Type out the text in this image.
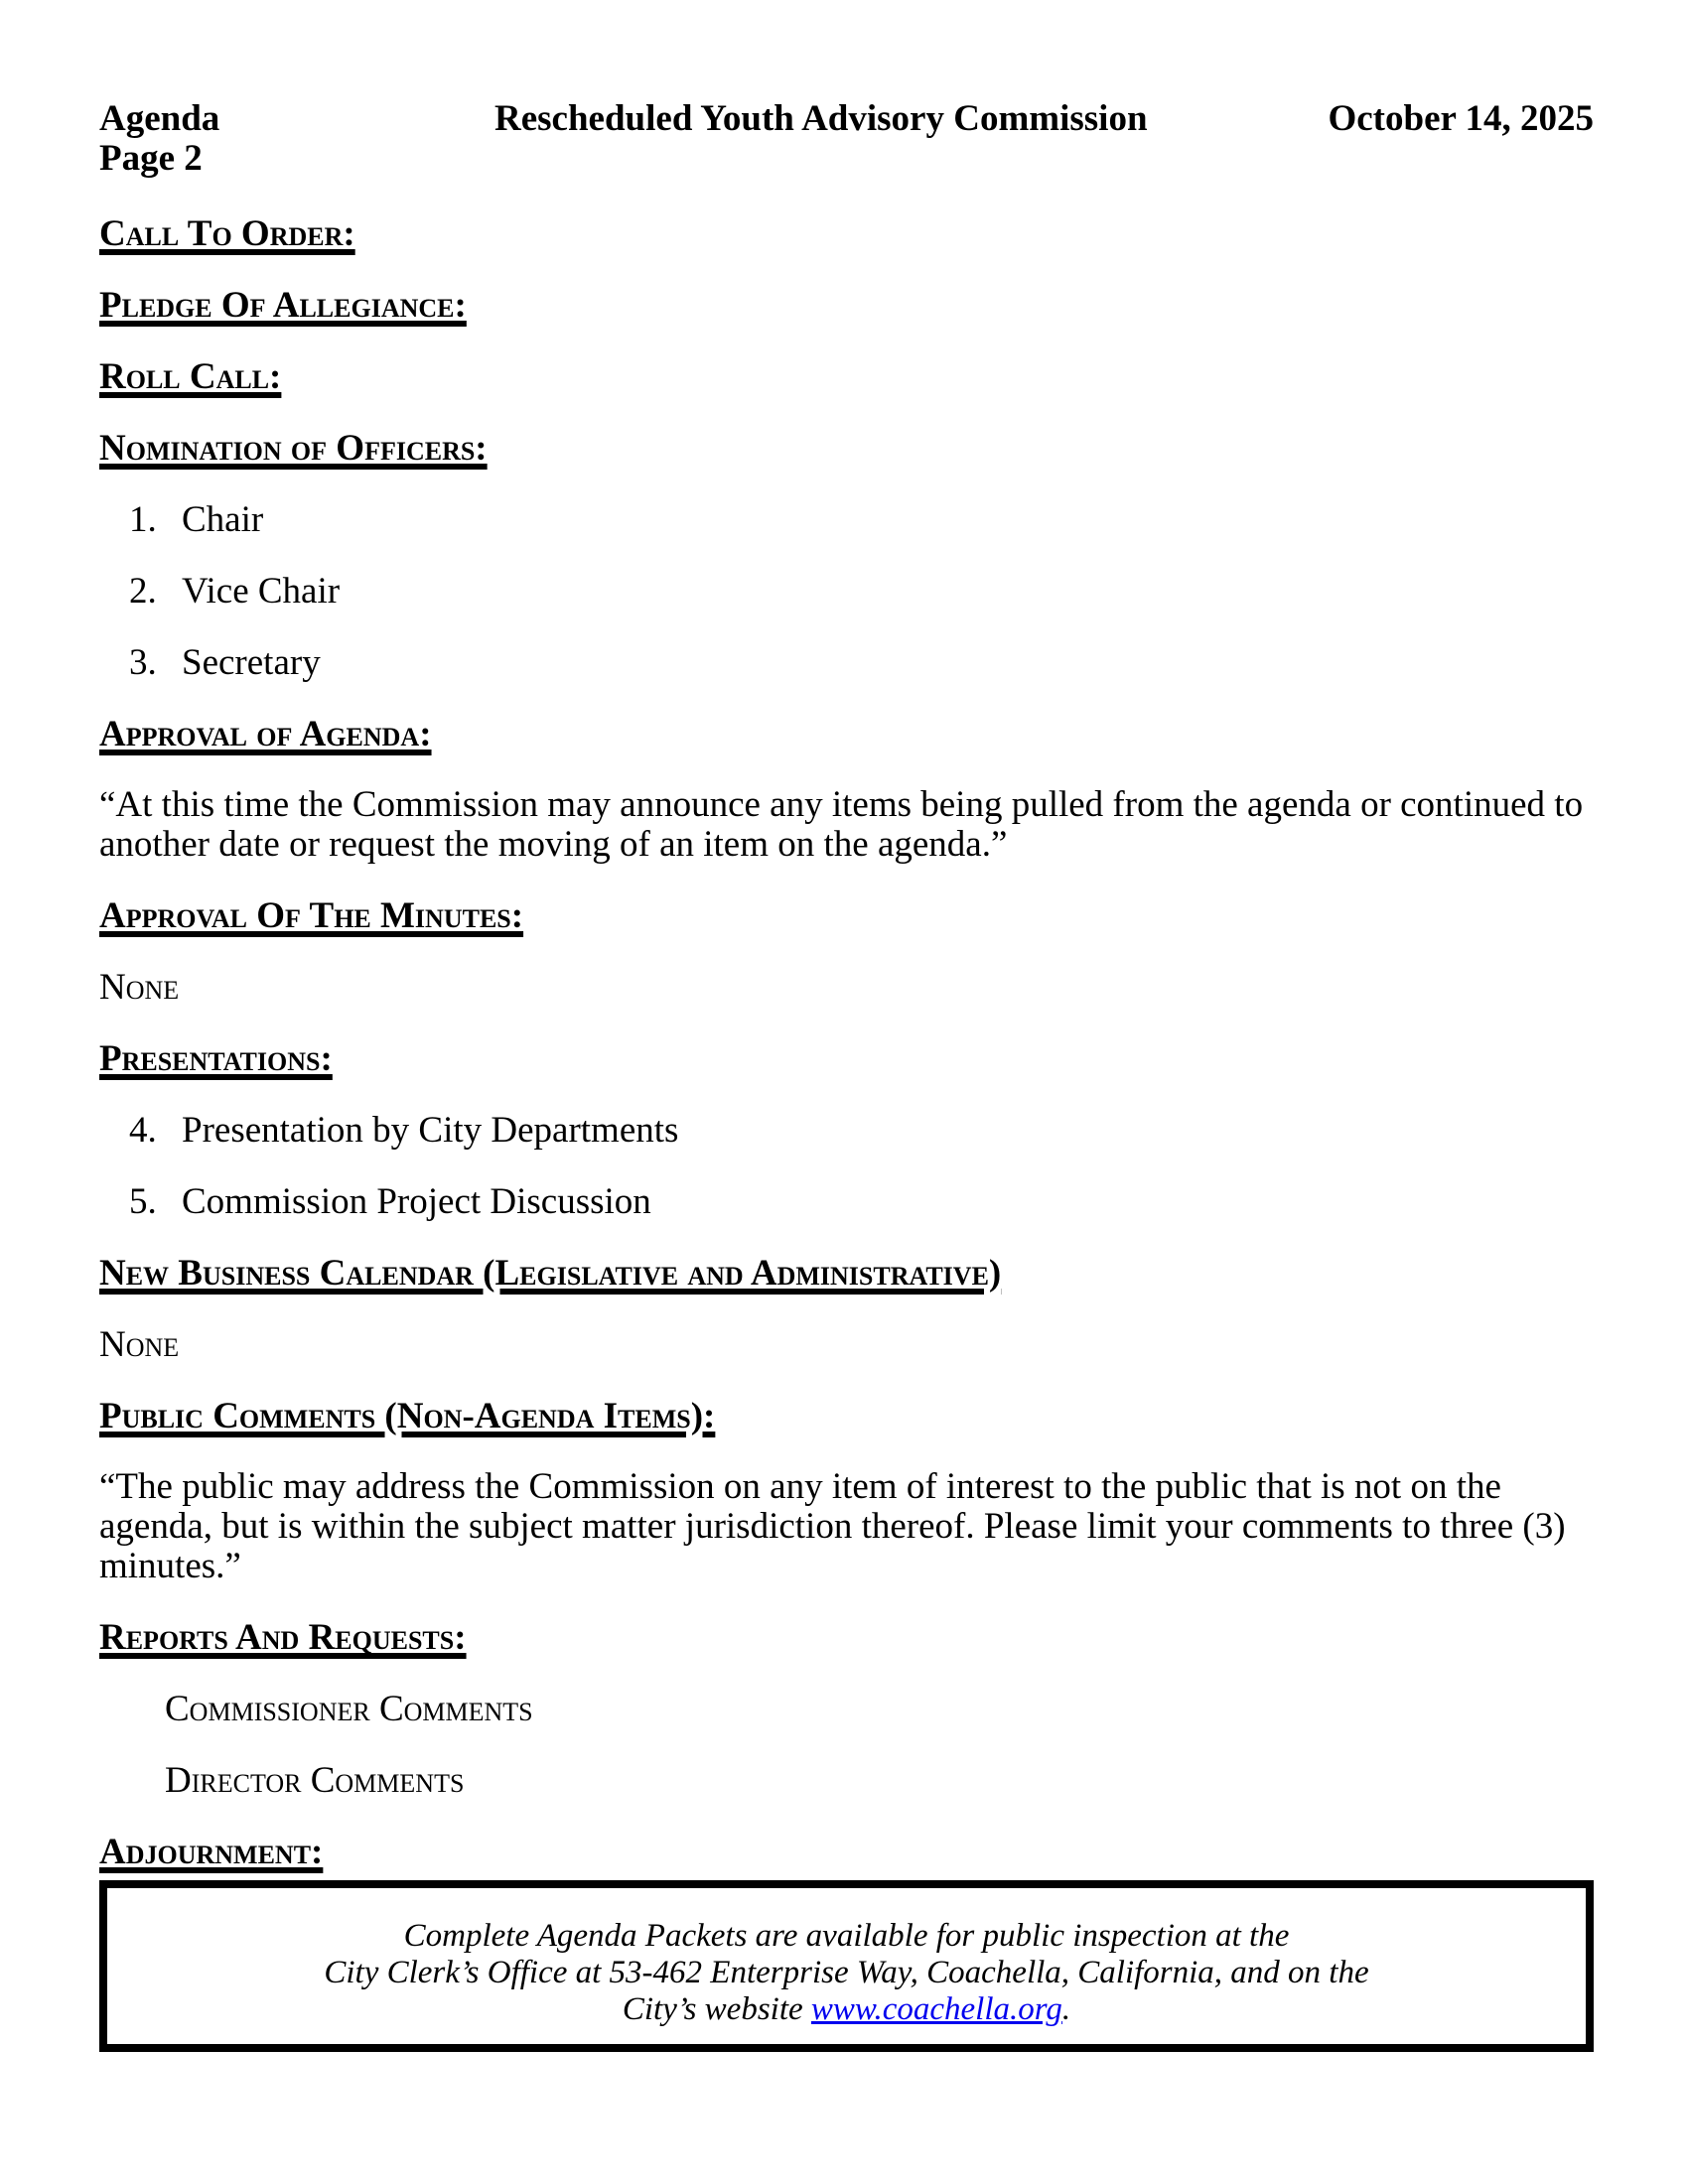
Agenda
Page 2
Rescheduled Youth Advisory Commission	October 14, 2025
Call To Order:
Pledge Of Allegiance:
Roll Call:
Nomination of Officers:
1. Chair
2. Vice Chair
3. Secretary
Approval of Agenda:
“At this time the Commission may announce any items being pulled from the agenda or continued to another date or request the moving of an item on the agenda.”
Approval Of The Minutes:
None
Presentations:
4. Presentation by City Departments
5. Commission Project Discussion
New Business Calendar (Legislative and Administrative)
None
Public Comments (Non-Agenda Items):
“The public may address the Commission on any item of interest to the public that is not on the agenda, but is within the subject matter jurisdiction thereof. Please limit your comments to three (3) minutes.”
Reports And Requests:
Commissioner Comments
Director Comments
Adjournment:
Complete Agenda Packets are available for public inspection at the
City Clerk’s Office at 53-462 Enterprise Way, Coachella, California, and on the
City’s website www.coachella.org.
